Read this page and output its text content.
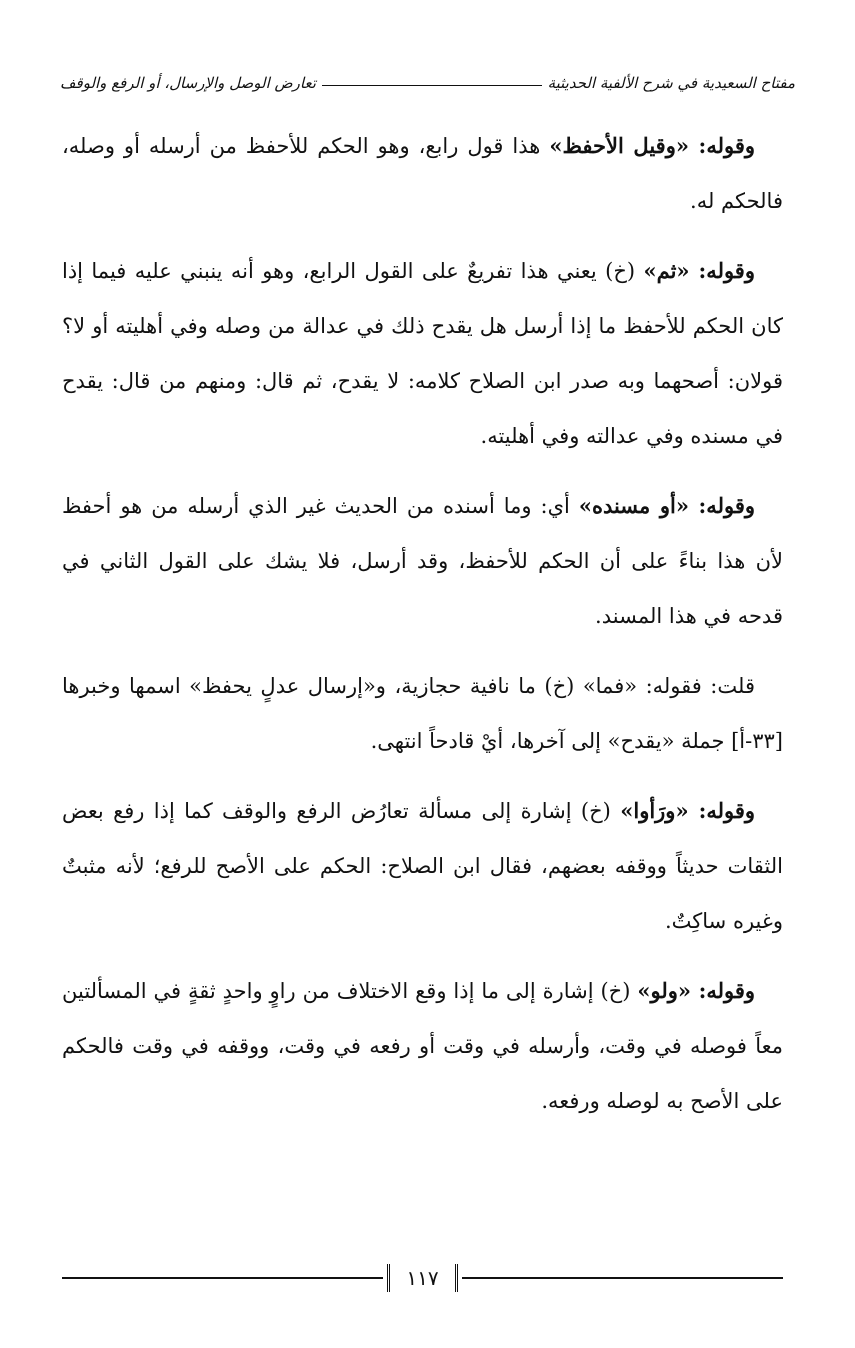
مفتاح السعيدية في شرح الألفية الحديثية
تعارض الوصل والإرسال، أو الرفع والوقف

وقوله: «وقيل الأحفظ» هذا قول رابع، وهو الحكم للأحفظ من أرسله أو وصله، فالحكم له.

وقوله: «ثم» (خ) يعني هذا تفريعٌ على القول الرابع، وهو أنه ينبني عليه فيما إذا كان الحكم للأحفظ ما إذا أرسل هل يقدح ذلك في عدالة من وصله وفي أهليته أو لا؟ قولان: أصحهما وبه صدر ابن الصلاح كلامه: لا يقدح، ثم قال: ومنهم من قال: يقدح في مسنده وفي عدالته وفي أهليته.

وقوله: «أو مسنده» أي: وما أسنده من الحديث غير الذي أرسله من هو أحفظ لأن هذا بناءً على أن الحكم للأحفظ، وقد أرسل، فلا يشك على القول الثاني في قدحه في هذا المسند.

قلت: فقوله: «فما» (خ) ما نافية حجازية، و«إرسال عدلٍ يحفظ» اسمها وخبرها [٣٣-أ] جملة «يقدح» إلى آخرها، أيْ قادحاً انتهى.

وقوله: «ورَأوا» (خ) إشارة إلى مسألة تعارُض الرفع والوقف كما إذا رفع بعض الثقات حديثاً ووقفه بعضهم، فقال ابن الصلاح: الحكم على الأصح للرفع؛ لأنه مثبتٌ وغيره ساكِتٌ.

وقوله: «ولو» (خ) إشارة إلى ما إذا وقع الاختلاف من راوٍ واحدٍ ثقةٍ في المسألتين معاً فوصله في وقت، وأرسله في وقت أو رفعه في وقت، ووقفه في وقت فالحكم على الأصح به لوصله ورفعه.

١١٧
